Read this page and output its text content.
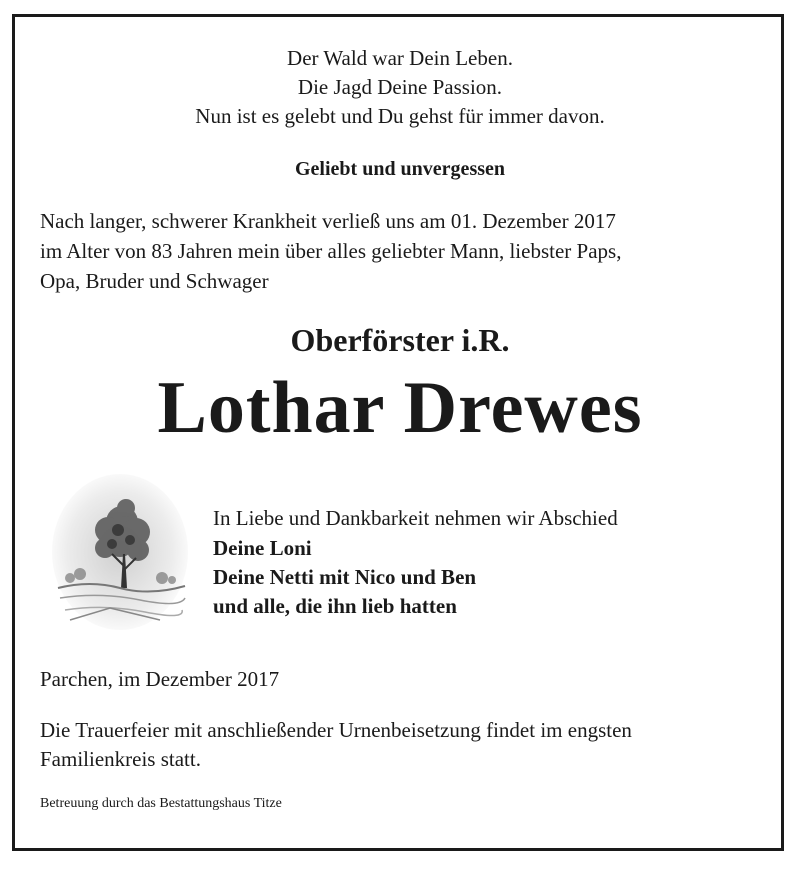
Der Wald war Dein Leben.
Die Jagd Deine Passion.
Nun ist es gelebt und Du gehst für immer davon.
Geliebt und unvergessen
Nach langer, schwerer Krankheit verließ uns am 01. Dezember 2017
im Alter von 83 Jahren mein über alles geliebter Mann, liebster Paps,
Opa, Bruder und Schwager
Oberförster i.R.
Lothar Drewes
In Liebe und Dankbarkeit nehmen wir Abschied
Deine Loni
Deine Netti mit Nico und Ben
und alle, die ihn lieb hatten
Parchen, im Dezember 2017
Die Trauerfeier mit anschließender Urnenbeisetzung findet im engsten
Familienkreis statt.
Betreuung durch das Bestattungshaus Titze
